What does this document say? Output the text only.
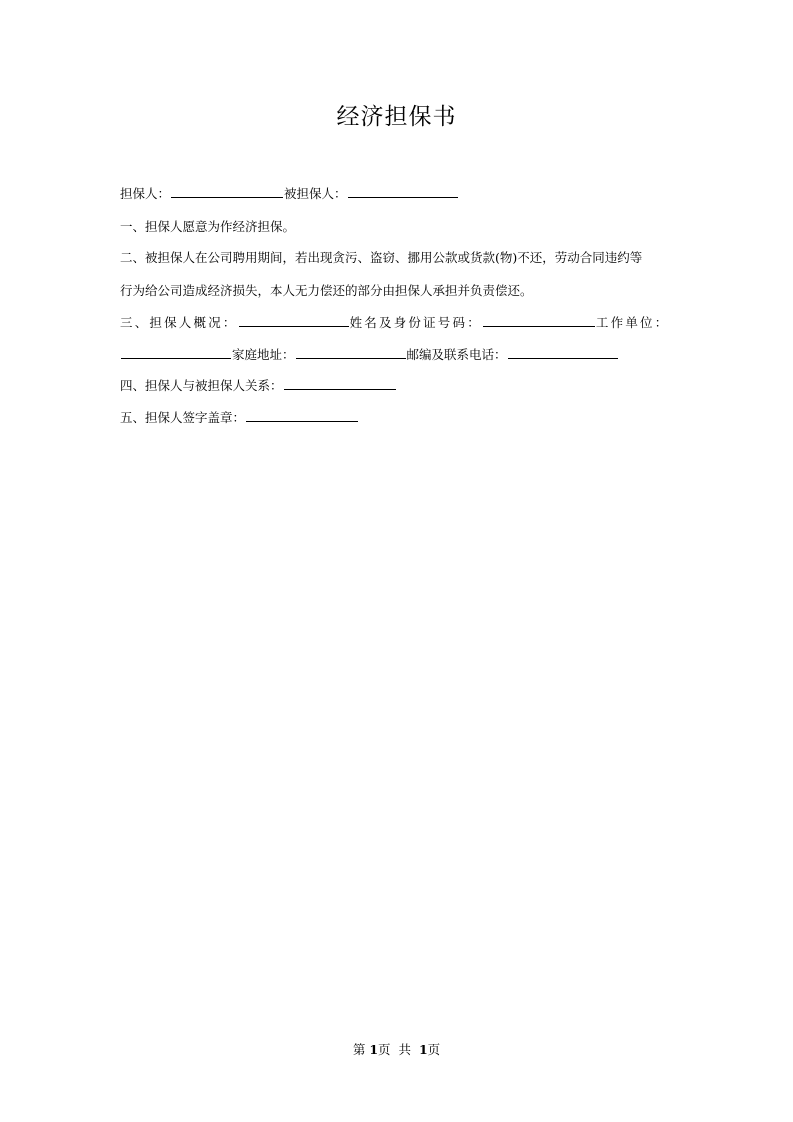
经济担保书
担保人：	被担保人：
一、担保人愿意为作经济担保。
二、被担保人在公司聘用期间，若出现贪污、盗窃、挪用公款或货款(物)不还，劳动合同违约等
行为给公司造成经济损失，本人无力偿还的部分由担保人承担并负责偿还。
三、担保人概况：	姓名及身份证号码：	工作单位：
家庭地址：	邮编及联系电话：
四、担保人与被担保人关系：
五、担保人签字盖章：
第 1页 共 1页
